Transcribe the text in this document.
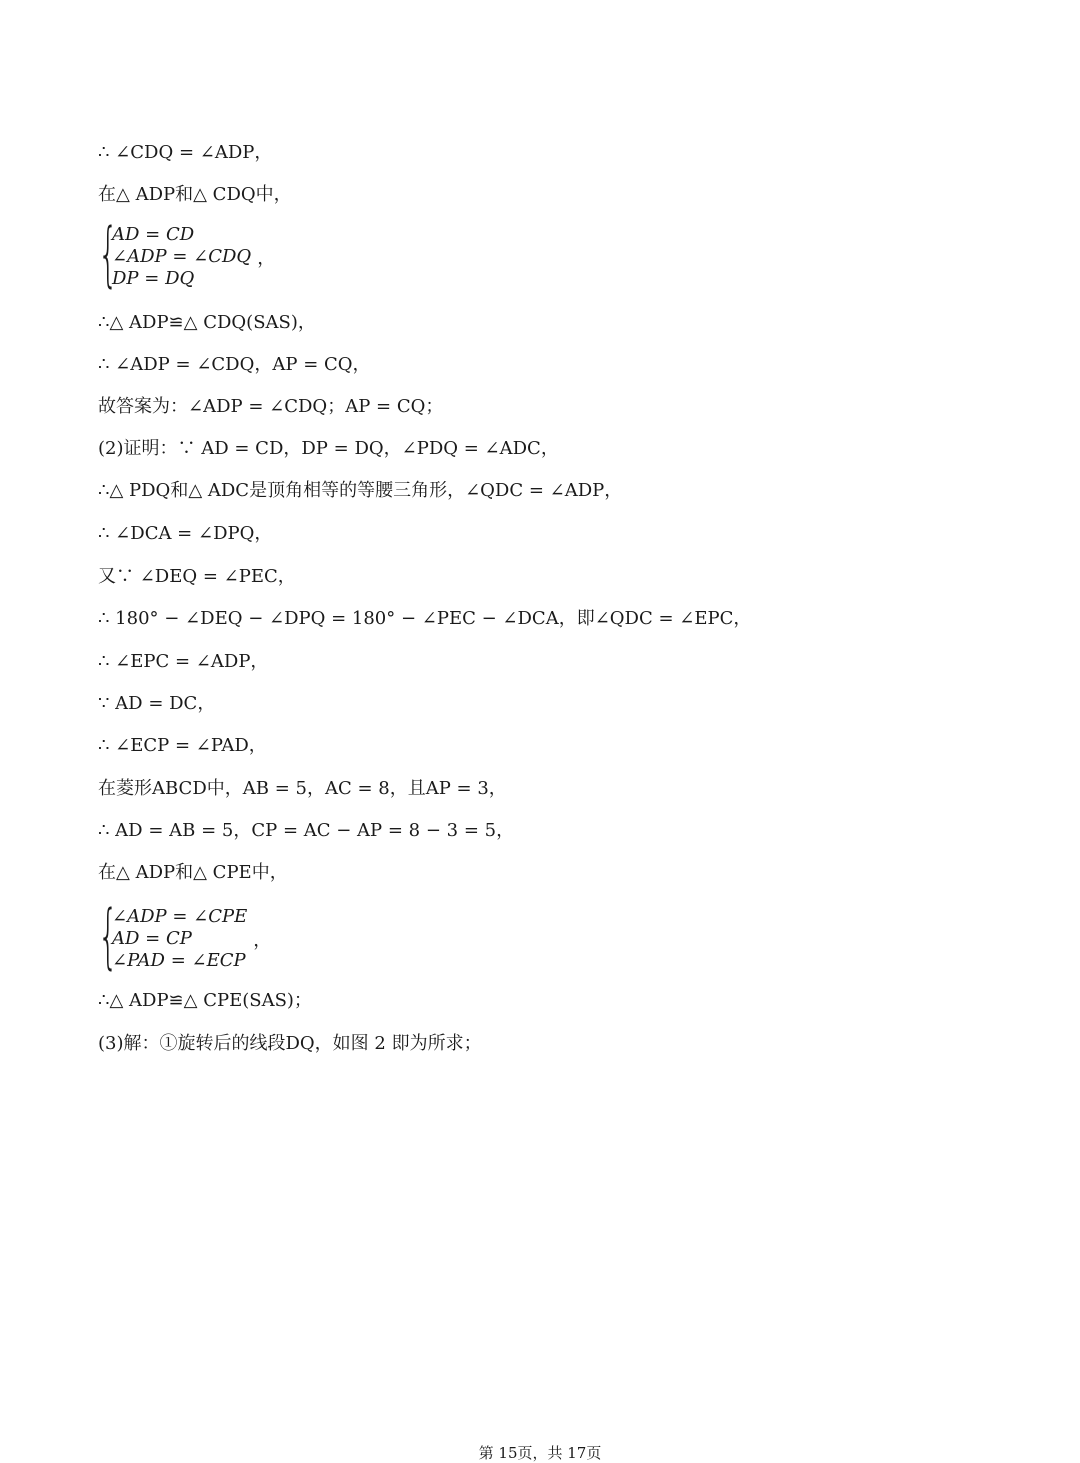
∴ ∠CDQ = ∠ADP，
在△ ADP和△ CDQ中，
{
AD = CD
∠ADP = ∠CDQ
DP = DQ
，
∴△ ADP≌△ CDQ(SAS)，
∴ ∠ADP = ∠CDQ，AP = CQ，
故答案为：∠ADP = ∠CDQ；AP = CQ；
(2)证明：∵ AD = CD，DP = DQ，∠PDQ = ∠ADC，
∴△ PDQ和△ ADC是顶角相等的等腰三角形，∠QDC = ∠ADP，
∴ ∠DCA = ∠DPQ，
又∵ ∠DEQ = ∠PEC，
∴ 180° − ∠DEQ − ∠DPQ = 180° − ∠PEC − ∠DCA，即∠QDC = ∠EPC，
∴ ∠EPC = ∠ADP，
∵ AD = DC，
∴ ∠ECP = ∠PAD，
在菱形ABCD中，AB = 5，AC = 8，且AP = 3，
∴ AD = AB = 5，CP = AC − AP = 8 − 3 = 5，
在△ ADP和△ CPE中，
{
∠ADP = ∠CPE
AD = CP
∠PAD = ∠ECP
，
∴△ ADP≌△ CPE(SAS)；
(3)解：①旋转后的线段DQ，如图 2 即为所求；
第 15页，共 17页
